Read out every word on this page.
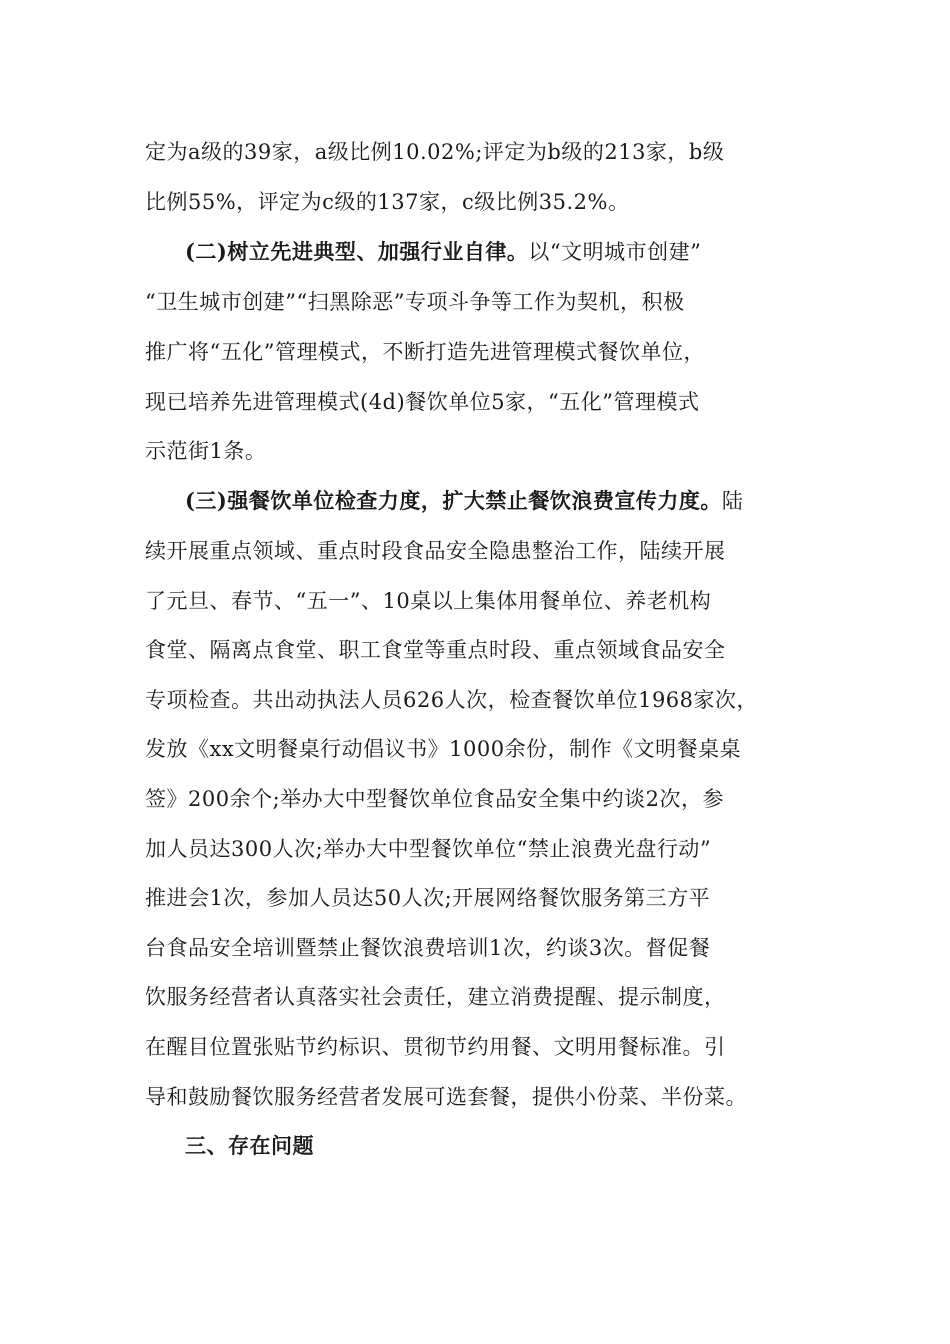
定为a级的39家，a级比例10.02%;评定为b级的213家，b级
比例55%，评定为c级的137家，c级比例35.2%。
(二)树立先进典型、加强行业自律。以“文明城市创建”
“卫生城市创建”“扫黑除恶”专项斗争等工作为契机，积极
推广将“五化”管理模式，不断打造先进管理模式餐饮单位，
现已培养先进管理模式(4d)餐饮单位5家，“五化”管理模式
示范街1条。
(三)强餐饮单位检查力度，扩大禁止餐饮浪费宣传力度。陆
续开展重点领域、重点时段食品安全隐患整治工作，陆续开展
了元旦、春节、“五一”、10桌以上集体用餐单位、养老机构
食堂、隔离点食堂、职工食堂等重点时段、重点领域食品安全
专项检查。共出动执法人员626人次，检查餐饮单位1968家次，
发放《xx文明餐桌行动倡议书》1000余份，制作《文明餐桌桌
签》200余个;举办大中型餐饮单位食品安全集中约谈2次，参
加人员达300人次;举办大中型餐饮单位“禁止浪费光盘行动”
推进会1次，参加人员达50人次;开展网络餐饮服务第三方平
台食品安全培训暨禁止餐饮浪费培训1次，约谈3次。督促餐
饮服务经营者认真落实社会责任，建立消费提醒、提示制度，
在醒目位置张贴节约标识、贯彻节约用餐、文明用餐标准。引
导和鼓励餐饮服务经营者发展可选套餐，提供小份菜、半份菜。
三、存在问题
